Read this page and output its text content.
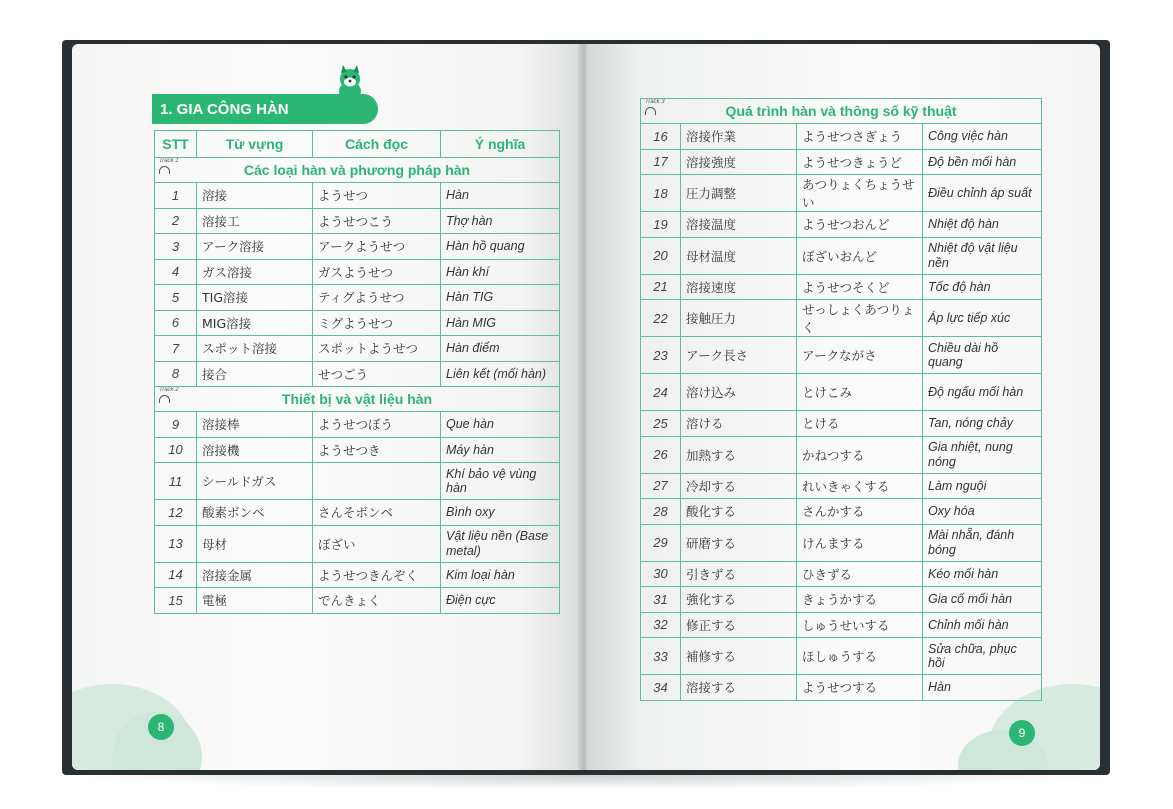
8
1. GIA CÔNG HÀN
STT	Từ vựng	Cách đọc	Ý nghĩa

Track 1
Các loại hàn và phương pháp hàn			
1	溶接	ようせつ	Hàn
2	溶接工	ようせつこう	Thợ hàn
3	アーク溶接	アークようせつ	Hàn hồ quang
4	ガス溶接	ガスようせつ	Hàn khí
5	TIG溶接	ティグようせつ	Hàn TIG
6	MIG溶接	ミグようせつ	Hàn MIG
7	スポット溶接	スポットようせつ	Hàn điểm
8	接合	せつごう	Liên kết (mối hàn)

Track 2
Thiết bị và vật liệu hàn			
9	溶接棒	ようせつぼう	Que hàn
10	溶接機	ようせつき	Máy hàn
11	シールドガス		Khí bảo vệ vùng hàn
12	酸素ボンベ	さんそボンベ	Bình oxy
13	母材	ぼざい	Vật liệu nền (Base metal)
14	溶接金属	ようせつきんぞく	Kim loại hàn
15	電極	でんきょく	Điện cực
9
Track 3
Quá trình hàn và thông số kỹ thuật			
16	溶接作業	ようせつさぎょう	Công việc hàn
17	溶接強度	ようせつきょうど	Độ bền mối hàn
18	圧力調整	あつりょくちょうせい	Điều chỉnh áp suất
19	溶接温度	ようせつおんど	Nhiệt độ hàn
20	母材温度	ぼざいおんど	Nhiệt độ vật liệu nền
21	溶接速度	ようせつそくど	Tốc độ hàn
22	接触圧力	せっしょくあつりょく	Áp lực tiếp xúc
23	アーク長さ	アークながさ	Chiều dài hồ quang
24	溶け込み	とけこみ	Độ ngấu mối hàn
25	溶ける	とける	Tan, nóng chảy
26	加熱する	かねつする	Gia nhiệt, nung nóng
27	冷却する	れいきゃくする	Làm nguội
28	酸化する	さんかする	Oxy hóa
29	研磨する	けんまする	Mài nhẵn, đánh bóng
30	引きずる	ひきずる	Kéo mối hàn
31	強化する	きょうかする	Gia cố mối hàn
32	修正する	しゅうせいする	Chỉnh mối hàn
33	補修する	ほしゅうする	Sửa chữa, phục hồi
34	溶接する	ようせつする	Hàn
